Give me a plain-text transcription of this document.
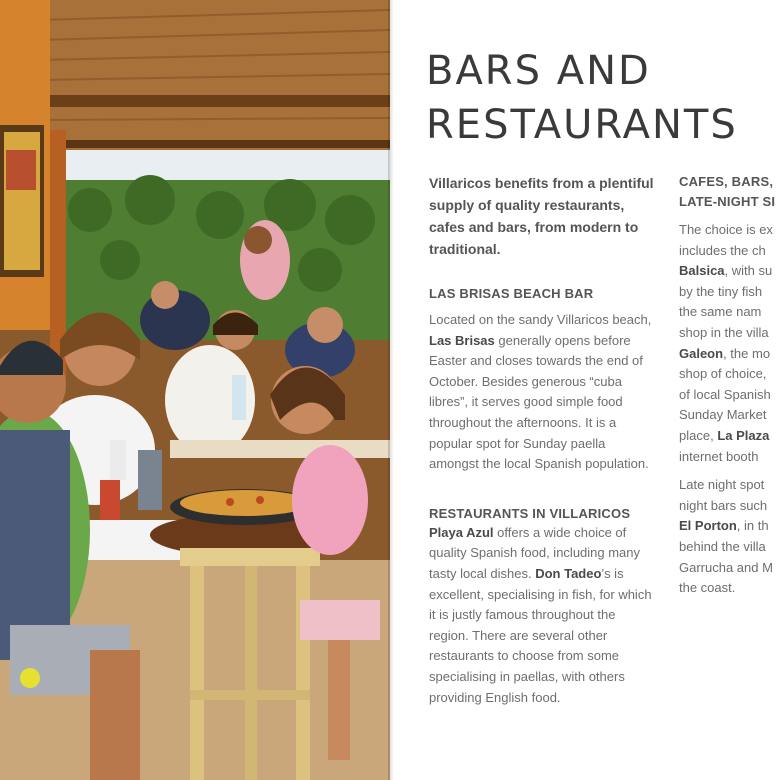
BARS AND
RESTAURANTS

Villaricos benefits from a plentiful supply of quality restaurants, cafes and bars, from modern to traditional.

LAS BRISAS BEACH BAR

Located on the sandy Villaricos beach, Las Brisas generally opens before Easter and closes towards the end of October. Besides generous “cuba libres”, it serves good simple food throughout the afternoons. It is a popular spot for Sunday paella amongst the local Spanish population.

RESTAURANTS IN VILLARICOS

Playa Azul offers a wide choice of quality Spanish food, including many tasty local dishes. Don Tadeo’s is excellent, specialising in fish, for which it is justly famous throughout the region. There are several other restaurants to choose from some specialising in paellas, with others providing English food.

CAFES, BARS,
LATE-NIGHT SI

The choice is ex
includes the ch
Balsica, with su
by the tiny fish
the same nam
shop in the villa
Galeon, the mo
shop of choice,
of local Spanish
Sunday Market
place, La Plaza
internet booth

Late night spot
night bars such
El Porton, in th
behind the villa
Garrucha and M
the coast.
